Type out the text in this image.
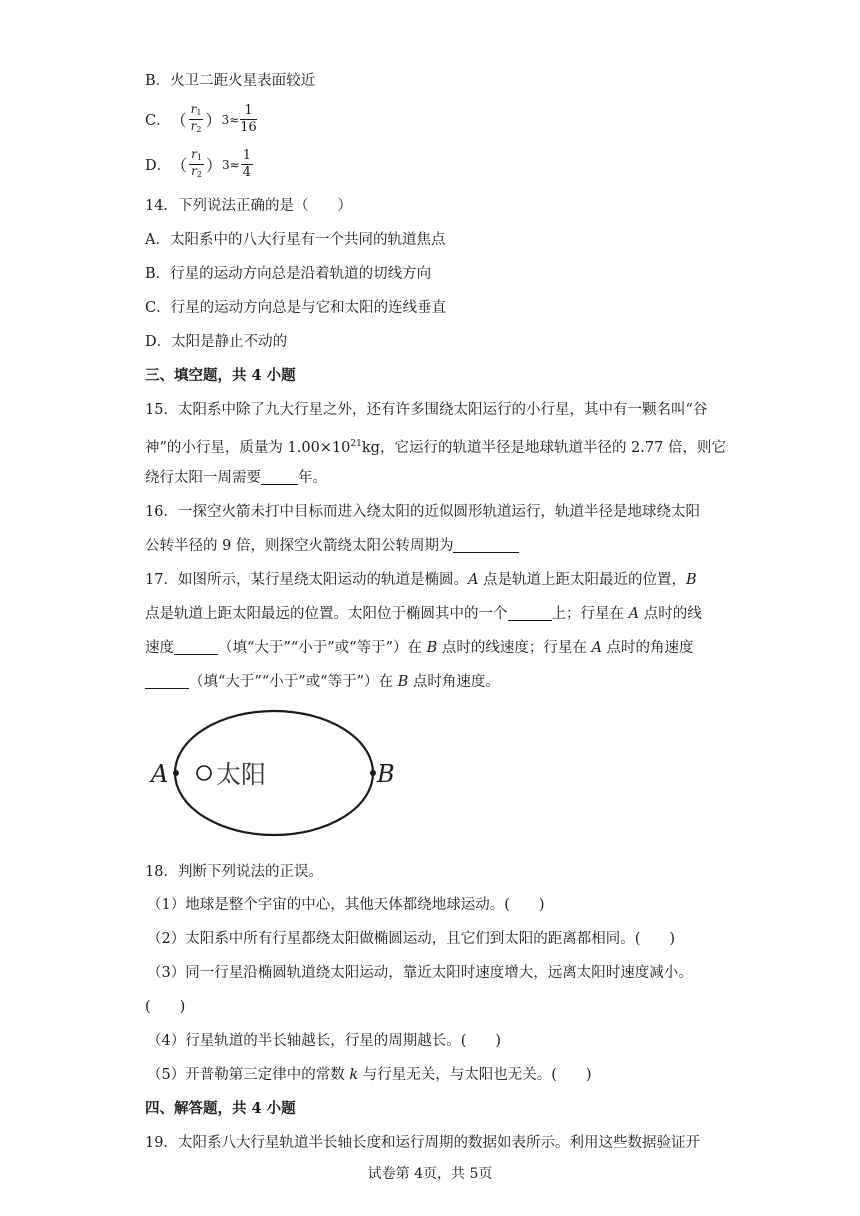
B．火卫二距火星表面较近
C． （ $\frac{r_1}{r_2}$ ） $3\approx \frac{1}{16}$
D． （ $\frac{r_1}{r_2}$ ） $3\approx \frac{1}{4}$
14．下列说法正确的是（　　）
A．太阳系中的八大行星有一个共同的轨道焦点
B．行星的运动方向总是沿着轨道的切线方向
C．行星的运动方向总是与它和太阳的连线垂直
D．太阳是静止不动的
三、填空题，共 4 小题
15．太阳系中除了九大行星之外，还有许多围绕太阳运行的小行星，其中有一颗名叫“谷
神”的小行星，质量为 $1.00\times 10^{21}kg$，它运行的轨道半径是地球轨道半径的 2.77 倍，则它
绕行太阳一周需要	年。
16．一探空火箭未打中目标而进入绕太阳的近似圆形轨道运行，轨道半径是地球绕太阳
公转半径的 9 倍，则探空火箭绕太阳公转周期为
17．如图所示，某行星绕太阳运动的轨道是椭圆。A 点是轨道上距太阳最近的位置，B
点是轨道上距太阳最远的位置。太阳位于椭圆其中的一个	上；行星在 A 点时的线
速度	（填“大于”“小于”或“等于”）在 B 点时的线速度；行星在 A 点时的角速度
（填“大于”“小于”或“等于”）在 B 点时角速度。
A	B
太阳
18．判断下列说法的正误。
（1）地球是整个宇宙的中心，其他天体都绕地球运动。(　　)
（2）太阳系中所有行星都绕太阳做椭圆运动，且它们到太阳的距离都相同。(　　)
（3）同一行星沿椭圆轨道绕太阳运动，靠近太阳时速度增大，远离太阳时速度减小。
(　　)
（4）行星轨道的半长轴越长，行星的周期越长。(　　)
（5）开普勒第三定律中的常数 k 与行星无关，与太阳也无关。(　　)
四、解答题，共 4 小题
19．太阳系八大行星轨道半长轴长度和运行周期的数据如表所示。利用这些数据验证开
试卷第 4页，共 5页
